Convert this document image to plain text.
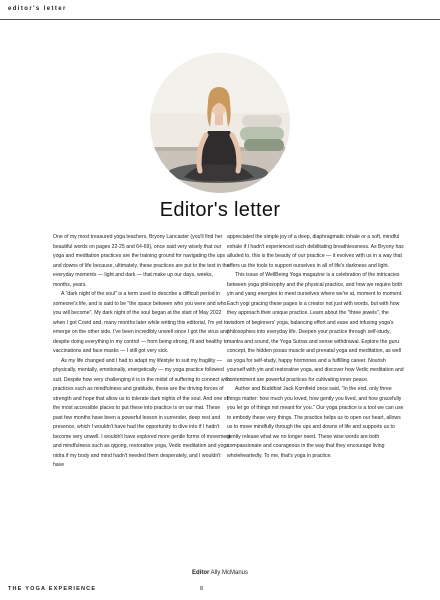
editor's letter
Editor's letter

One of my most treasured yoga teachers, Bryony Lancaster (you'll find her beautiful words on pages 22-25 and 64-69), once said very wisely that our yoga and meditation practices are the training ground for navigating the ups and downs of life because, ultimately, these practices are put to the test in the everyday moments — light and dark — that make up our days, weeks, months, years.

A "dark night of the soul" is a term used to describe a difficult period in someone's life, and is said to be "the space between who you were and who you will become". My dark night of the soul began at the start of May 2022 when I got Covid and, many months later while writing this editorial, I'm yet to emerge on the other side. I've been incredibly unwell since I got the virus and despite doing everything in my control — from being strong, fit and healthy to vaccinations and face masks — I still got very sick.

As my life changed and I had to adapt my lifestyle to suit my fragility — physically, mentally, emotionally, energetically — my yoga practice followed suit. Despite how very challenging it is in the midst of suffering to connect with practices such as mindfulness and gratitude, these are the driving forces of strength and hope that allow us to tolerate dark nights of the soul. And one of the most accessible places to put these into practice is on our mat. These past few months have been a powerful lesson in surrender, deep rest and presence, which I wouldn't have had the opportunity to dive into if I hadn't become very unwell. I wouldn't have explored more gentle forms of movement and mindfulness such as qigong, restorative yoga, Vedic meditation and yoga nidra if my body and mind hadn't needed them desperately, and I wouldn't have

appreciated the simple joy of a deep, diaphragmatic inhale or a soft, mindful exhale if I hadn't experienced such debilitating breathlessness. As Bryony has alluded to, this is the beauty of our practice — it evolves with us in a way that offers us the tools to support ourselves in all of life's darkness and light.

This issue of WellBeing Yoga magazine is a celebration of the intricacies between yoga philosophy and the physical practice, and how we require both yin and yang energies to meet ourselves where we're at, moment to moment. Each yogi gracing these pages is a creator not just with words, but with how they approach their unique practice. Learn about the "three jewels", the wisdom of beginners' yoga, balancing effort and ease and infusing yoga's philosophies into everyday life. Deepen your practice through self-study, mantra and sound, the Yoga Sutras and sense withdrawal. Explore the guru concept, the hidden psoas muscle and prenatal yoga and meditation, as well as yoga for self-study, happy hormones and a fulfilling career. Nourish yourself with yin and restorative yoga, and discover how Vedic meditation and contentment are powerful practices for cultivating inner peace.

Author and Buddhist Jack Kornfield once said, "In the end, only three things matter: how much you loved, how gently you lived, and how gracefully you let go of things not meant for you." Our yoga practice is a tool we can use to embody these very things. The practice helps us to open our heart, allows us to move mindfully through the ups and downs of life and supports us to gently release what we no longer need. These wise words are both compassionate and courageous in the way that they encourage living wholeheartedly. To me, that's yoga in practice.

Editor Ally McManus
THE YOGA EXPERIENCE	8
